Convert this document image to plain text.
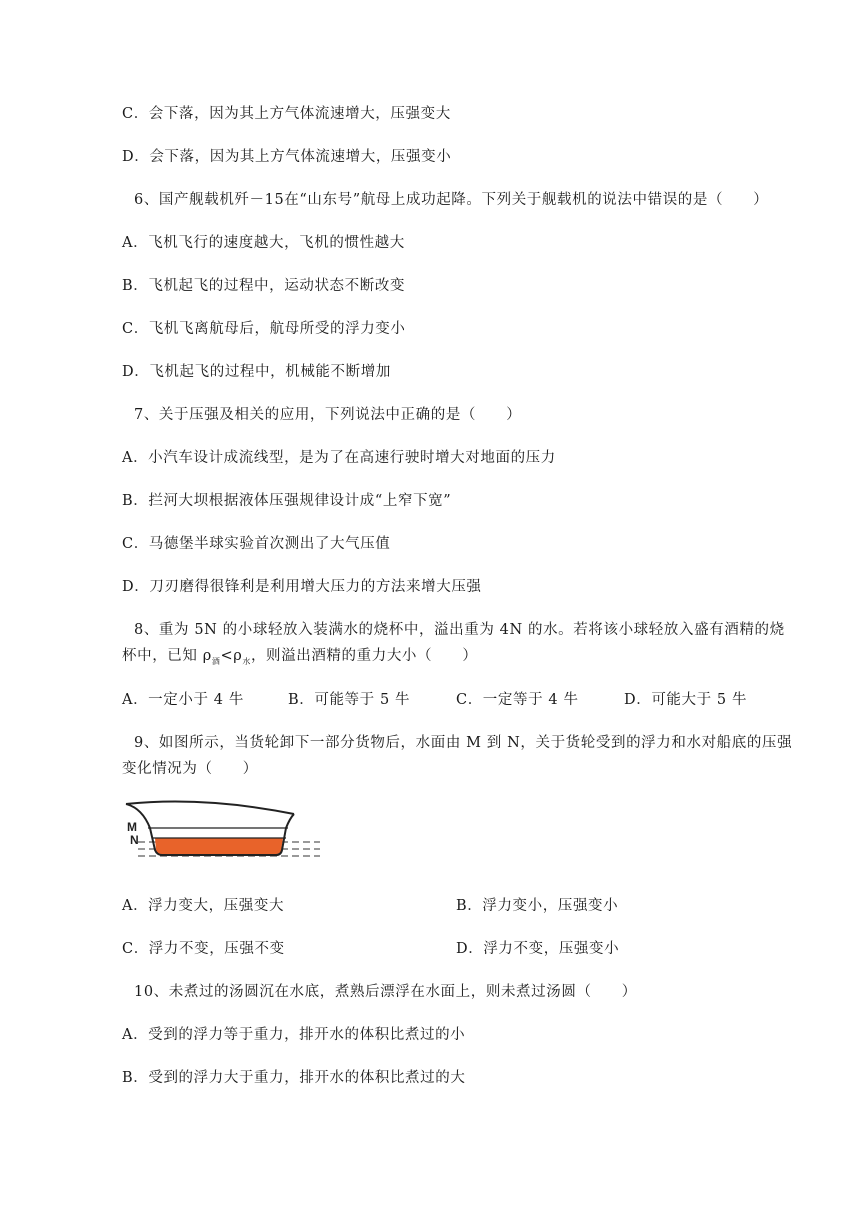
C．会下落，因为其上方气体流速增大，压强变大
D．会下落，因为其上方气体流速增大，压强变小
6、国产舰载机歼－15在“山东号”航母上成功起降。下列关于舰载机的说法中错误的是（　　）
A．飞机飞行的速度越大，飞机的惯性越大
B．飞机起飞的过程中，运动状态不断改变
C．飞机飞离航母后，航母所受的浮力变小
D．飞机起飞的过程中，机械能不断增加
7、关于压强及相关的应用，下列说法中正确的是（　　）
A．小汽车设计成流线型，是为了在高速行驶时增大对地面的压力
B．拦河大坝根据液体压强规律设计成“上窄下宽”
C．马德堡半球实验首次测出了大气压值
D．刀刃磨得很锋利是利用增大压力的方法来增大压强
8、重为 5N 的小球轻放入装满水的烧杯中，溢出重为 4N 的水。若将该小球轻放入盛有酒精的烧
杯中，已知 $\rho_酒<\rho_水$，则溢出酒精的重力大小（　　）
A．一定小于 4 牛	B．可能等于 5 牛	C．一定等于 4 牛	D．可能大于 5 牛
9、如图所示，当货轮卸下一部分货物后，水面由 M 到 N，关于货轮受到的浮力和水对船底的压强
变化情况为（　　）
M
N
A．浮力变大，压强变大	B．浮力变小，压强变小
C．浮力不变，压强不变	D．浮力不变，压强变小
10、未煮过的汤圆沉在水底，煮熟后漂浮在水面上，则未煮过汤圆（　　）
A．受到的浮力等于重力，排开水的体积比煮过的小
B．受到的浮力大于重力，排开水的体积比煮过的大
